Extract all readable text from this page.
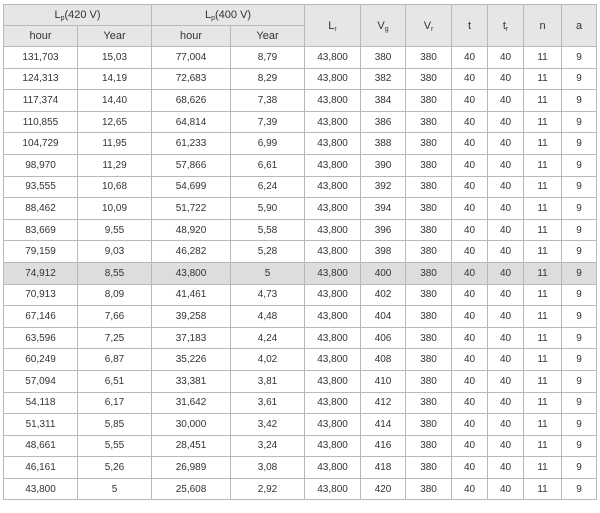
$L_p(420$ V)		$L_p(400$ V)		$L_r$	$V_g$	$V_r$	t	$t_r$	n	a
hour	Year	hour	Year							
131,703	15,03	77,004	8,79	43,800	380	380	40	40	11	9
124,313	14,19	72,683	8,29	43,800	382	380	40	40	11	9
117,374	14,40	68,626	7,38	43,800	384	380	40	40	11	9
110,855	12,65	64,814	7,39	43,800	386	380	40	40	11	9
104,729	11,95	61,233	6,99	43,800	388	380	40	40	11	9
98,970	11,29	57,866	6,61	43,800	390	380	40	40	11	9
93,555	10,68	54,699	6,24	43,800	392	380	40	40	11	9
88,462	10,09	51,722	5,90	43,800	394	380	40	40	11	9
83,669	9,55	48,920	5,58	43,800	396	380	40	40	11	9
79,159	9,03	46,282	5,28	43,800	398	380	40	40	11	9
74,912	8,55	43,800	5	43,800	400	380	40	40	11	9
70,913	8,09	41,461	4,73	43,800	402	380	40	40	11	9
67,146	7,66	39,258	4,48	43,800	404	380	40	40	11	9
63,596	7,25	37,183	4,24	43,800	406	380	40	40	11	9
60,249	6,87	35,226	4,02	43,800	408	380	40	40	11	9
57,094	6,51	33,381	3,81	43,800	410	380	40	40	11	9
54,118	6,17	31,642	3,61	43,800	412	380	40	40	11	9
51,311	5,85	30,000	3,42	43,800	414	380	40	40	11	9
48,661	5,55	28,451	3,24	43,800	416	380	40	40	11	9
46,161	5,26	26,989	3,08	43,800	418	380	40	40	11	9
43,800	5	25,608	2,92	43,800	420	380	40	40	11	9
